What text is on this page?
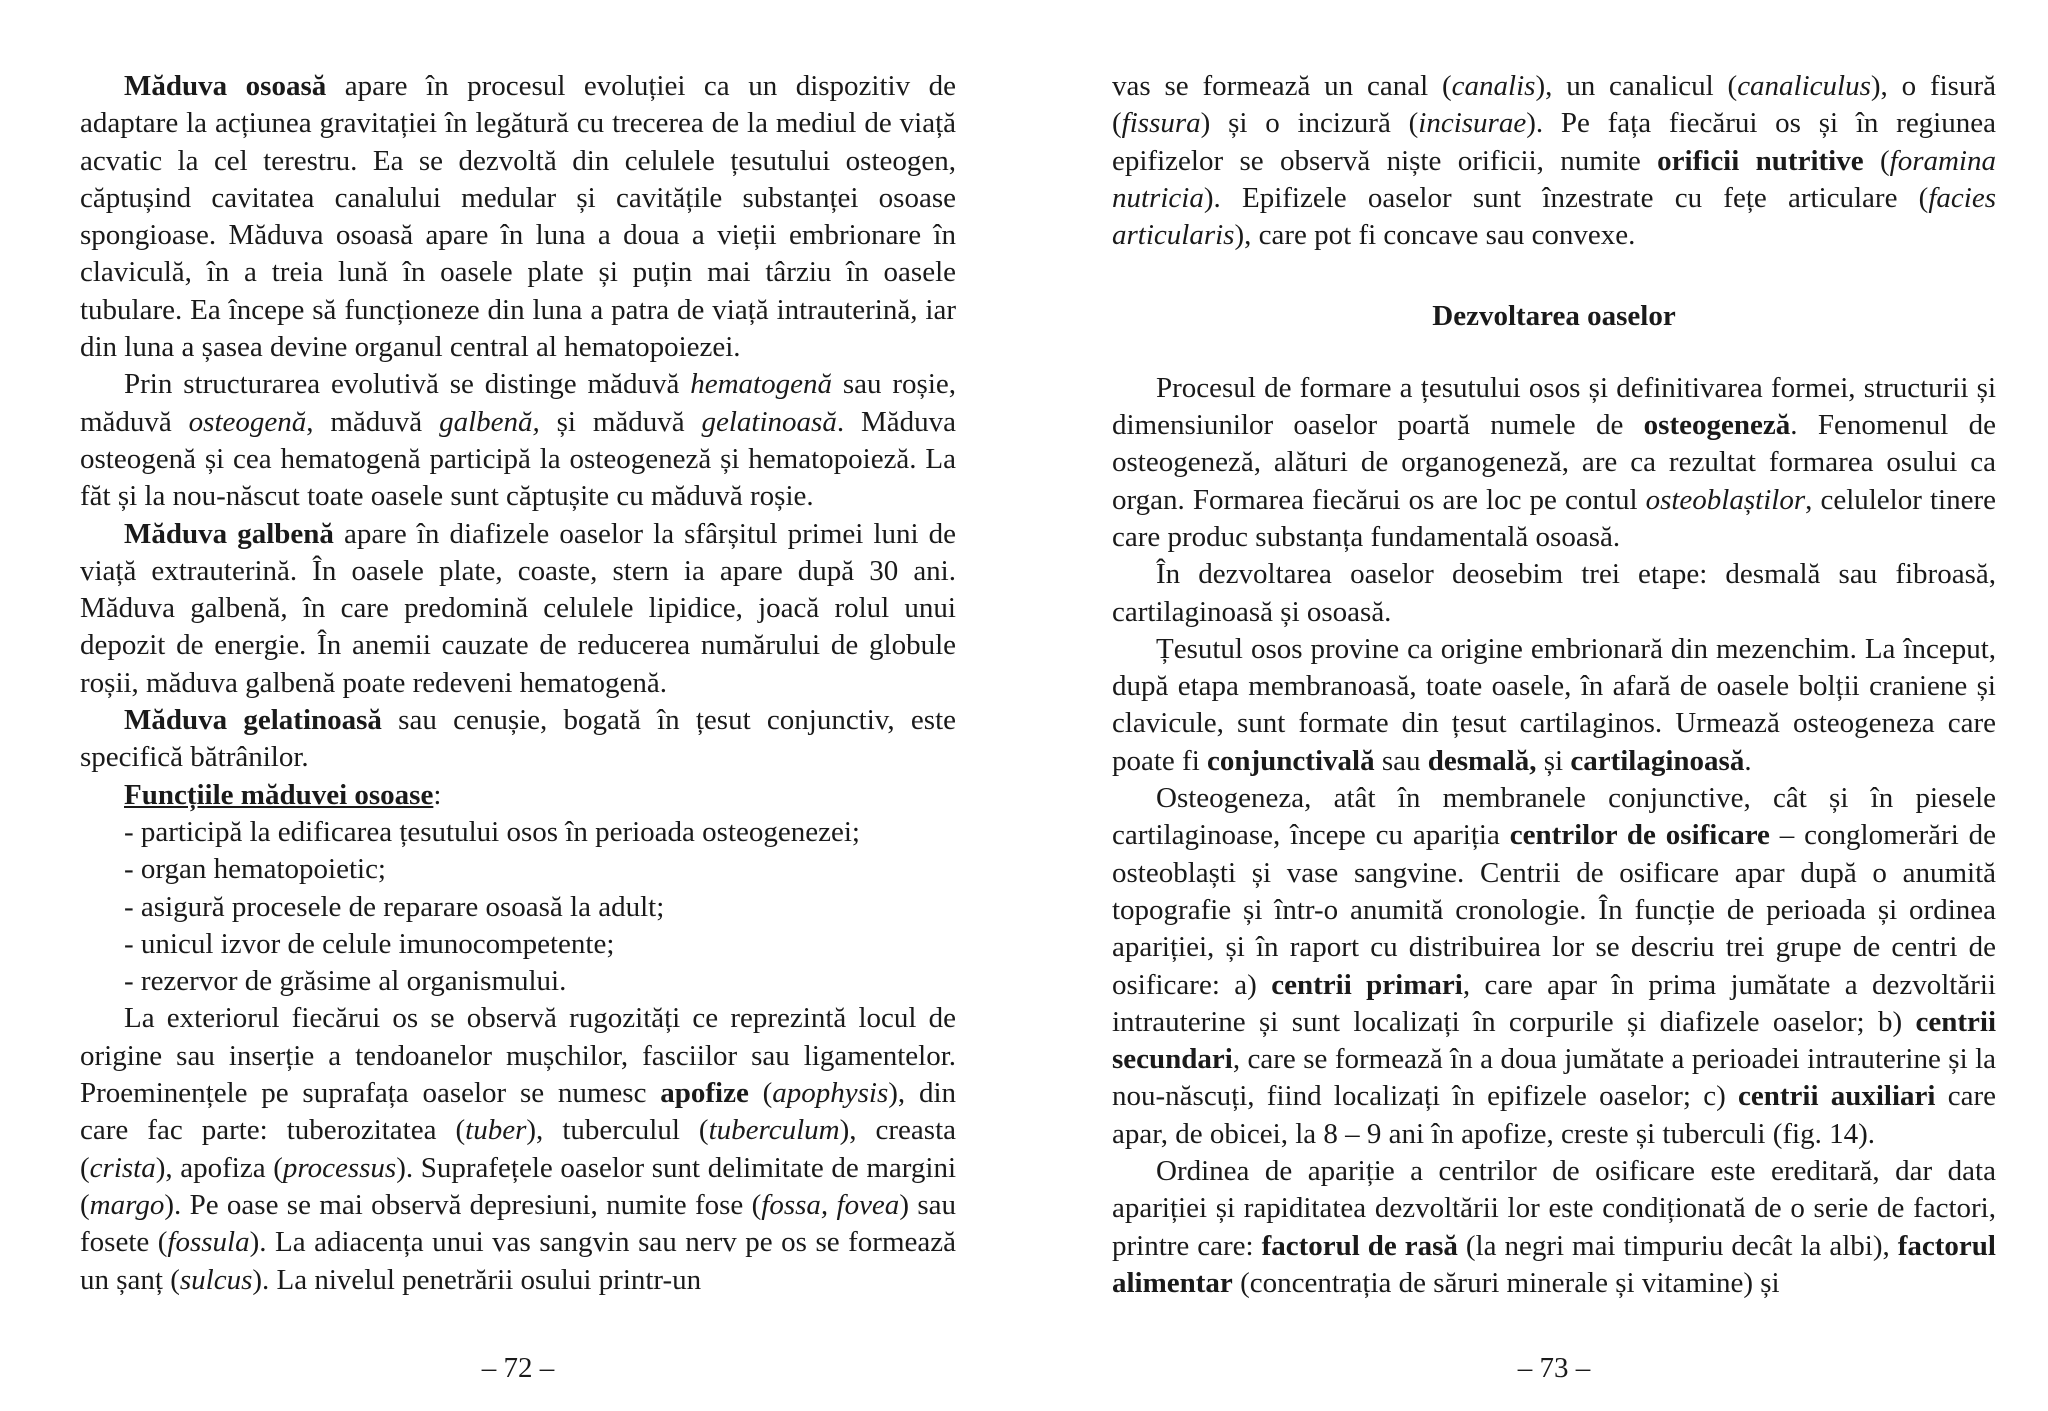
Măduva osoasă apare în procesul evoluției ca un dispozitiv de adaptare la acțiunea gravitației în legătură cu trecerea de la mediul de viață acvatic la cel terestru. Ea se dezvoltă din celulele țesutului osteogen, căptușind cavitatea canalului medular și cavitățile substanței osoase spongioase. Măduva osoasă apare în luna a doua a vieții embrionare în claviculă, în a treia lună în oasele plate și puțin mai târziu în oasele tubulare. Ea începe să funcționeze din luna a patra de viață intrauterină, iar din luna a șasea devine organul central al hematopoiezei.

Prin structurarea evolutivă se distinge măduvă hematogenă sau roșie, măduvă osteogenă, măduvă galbenă, și măduvă gelatinoasă. Măduva osteogenă și cea hematogenă participă la osteogeneză și hematopoieză. La făt și la nou-născut toate oasele sunt căptușite cu măduvă roșie.

Măduva galbenă apare în diafizele oaselor la sfârșitul primei luni de viață extrauterină. În oasele plate, coaste, stern ia apare după 30 ani. Măduva galbenă, în care predomină celulele lipidice, joacă rolul unui depozit de energie. În anemii cauzate de reducerea numărului de globule roșii, măduva galbenă poate redeveni hematogenă.

Măduva gelatinoasă sau cenușie, bogată în țesut conjunctiv, este specifică bătrânilor.

Funcțiile măduvei osoase:

- participă la edificarea țesutului osos în perioada osteogenezei;

- organ hematopoietic;

- asigură procesele de reparare osoasă la adult;

- unicul izvor de celule imunocompetente;

- rezervor de grăsime al organismului.

La exteriorul fiecărui os se observă rugozități ce reprezintă locul de origine sau inserție a tendoanelor mușchilor, fasciilor sau ligamentelor. Proeminențele pe suprafața oaselor se numesc apofize (apophysis), din care fac parte: tuberozitatea (tuber), tuberculul (tuberculum), creasta (crista), apofiza (processus). Suprafețele oaselor sunt delimitate de margini (margo). Pe oase se mai observă depresiuni, numite fose (fossa, fovea) sau fosete (fossula). La adiacența unui vas sangvin sau nerv pe os se formează un șanț (sulcus). La nivelul penetrării osului printr-un

– 72 –

vas se formează un canal (canalis), un canalicul (canaliculus), o fisură (fissura) și o incizură (incisurae). Pe fața fiecărui os și în regiunea epifizelor se observă niște orificii, numite orificii nutritive (foramina nutricia). Epifizele oaselor sunt înzestrate cu fețe articulare (facies articularis), care pot fi concave sau convexe.

Dezvoltarea oaselor

Procesul de formare a țesutului osos și definitivarea formei, structurii și dimensiunilor oaselor poartă numele de osteogeneză. Fenomenul de osteogeneză, alături de organogeneză, are ca rezultat formarea osului ca organ. Formarea fiecărui os are loc pe contul osteoblaștilor, celulelor tinere care produc substanța fundamentală osoasă.

În dezvoltarea oaselor deosebim trei etape: desmală sau fibroasă, cartilaginoasă și osoasă.

Țesutul osos provine ca origine embrionară din mezenchim. La început, după etapa membranoasă, toate oasele, în afară de oasele bolții craniene și clavicule, sunt formate din țesut cartilaginos. Urmează osteogeneza care poate fi conjunctivală sau desmală, și cartilaginoasă.

Osteogeneza, atât în membranele conjunctive, cât și în piesele cartilaginoase, începe cu apariția centrilor de osificare – conglomerări de osteoblaști și vase sangvine. Centrii de osificare apar după o anumită topografie și într-o anumită cronologie. În funcție de perioada și ordinea apariției, și în raport cu distribuirea lor se descriu trei grupe de centri de osificare: a) centrii primari, care apar în prima jumătate a dezvoltării intrauterine și sunt localizați în corpurile și diafizele oaselor; b) centrii secundari, care se formează în a doua jumătate a perioadei intrauterine și la nou-născuți, fiind localizați în epifizele oaselor; c) centrii auxiliari care apar, de obicei, la 8 – 9 ani în apofize, creste și tuberculi (fig. 14).

Ordinea de apariție a centrilor de osificare este ereditară, dar data apariției și rapiditatea dezvoltării lor este condiționată de o serie de factori, printre care: factorul de rasă (la negri mai timpuriu decât la albi), factorul alimentar (concentrația de săruri minerale și vitamine) și

– 73 –
